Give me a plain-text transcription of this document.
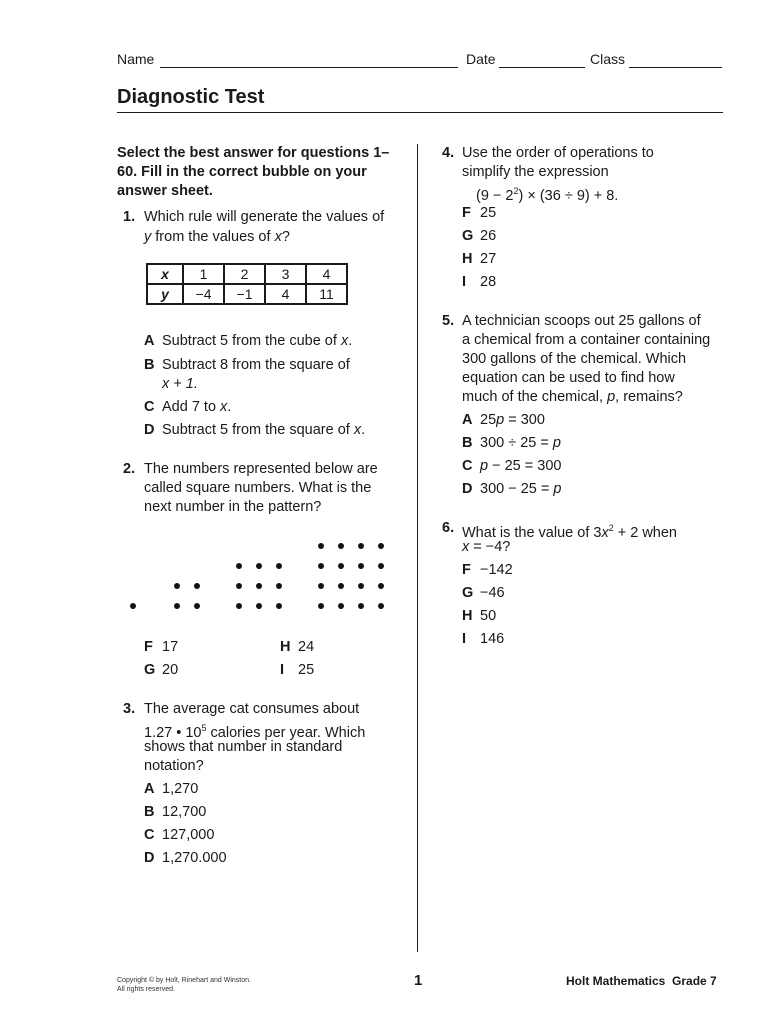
Name	Date	Class
Diagnostic Test
Select the best answer for questions 1–60. Fill in the correct bubble on your answer sheet.
1. Which rule will generate the values of
y from the values of x?
x	1	2	3	4
y	−4	−1	4	11
A Subtract 5 from the cube of x.
B Subtract 8 from the square of
x + 1.
C Add 7 to x.
D Subtract 5 from the square of x.
2. The numbers represented below are
called square numbers. What is the
next number in the pattern?
F 17
G 20
H 24
I 25
3. The average cat consumes about
1.27 • $10^5$ calories per year. Which
shows that number in standard
notation?
A 1,270
B 12,700
C 127,000
D 1,270.000
4. Use the order of operations to
simplify the expression
$(9 - 2^2) \times (36 \div 9) + 8$.
F 25
G 26
H 27
I 28
5. A technician scoops out 25 gallons of
a chemical from a container containing
300 gallons of the chemical. Which
equation can be used to find how
much of the chemical, p, remains?
A 25p = 300
B 300 ÷ 25 = p
C p − 25 = 300
D 300 − 25 = p
6. What is the value of $3x^2 + 2$ when
x = −4?
F −142
G −46
H 50
I 146
Copyright © by Holt, Rinehart and Winston.
All rights reserved.
1	Holt Mathematics  Grade 7
